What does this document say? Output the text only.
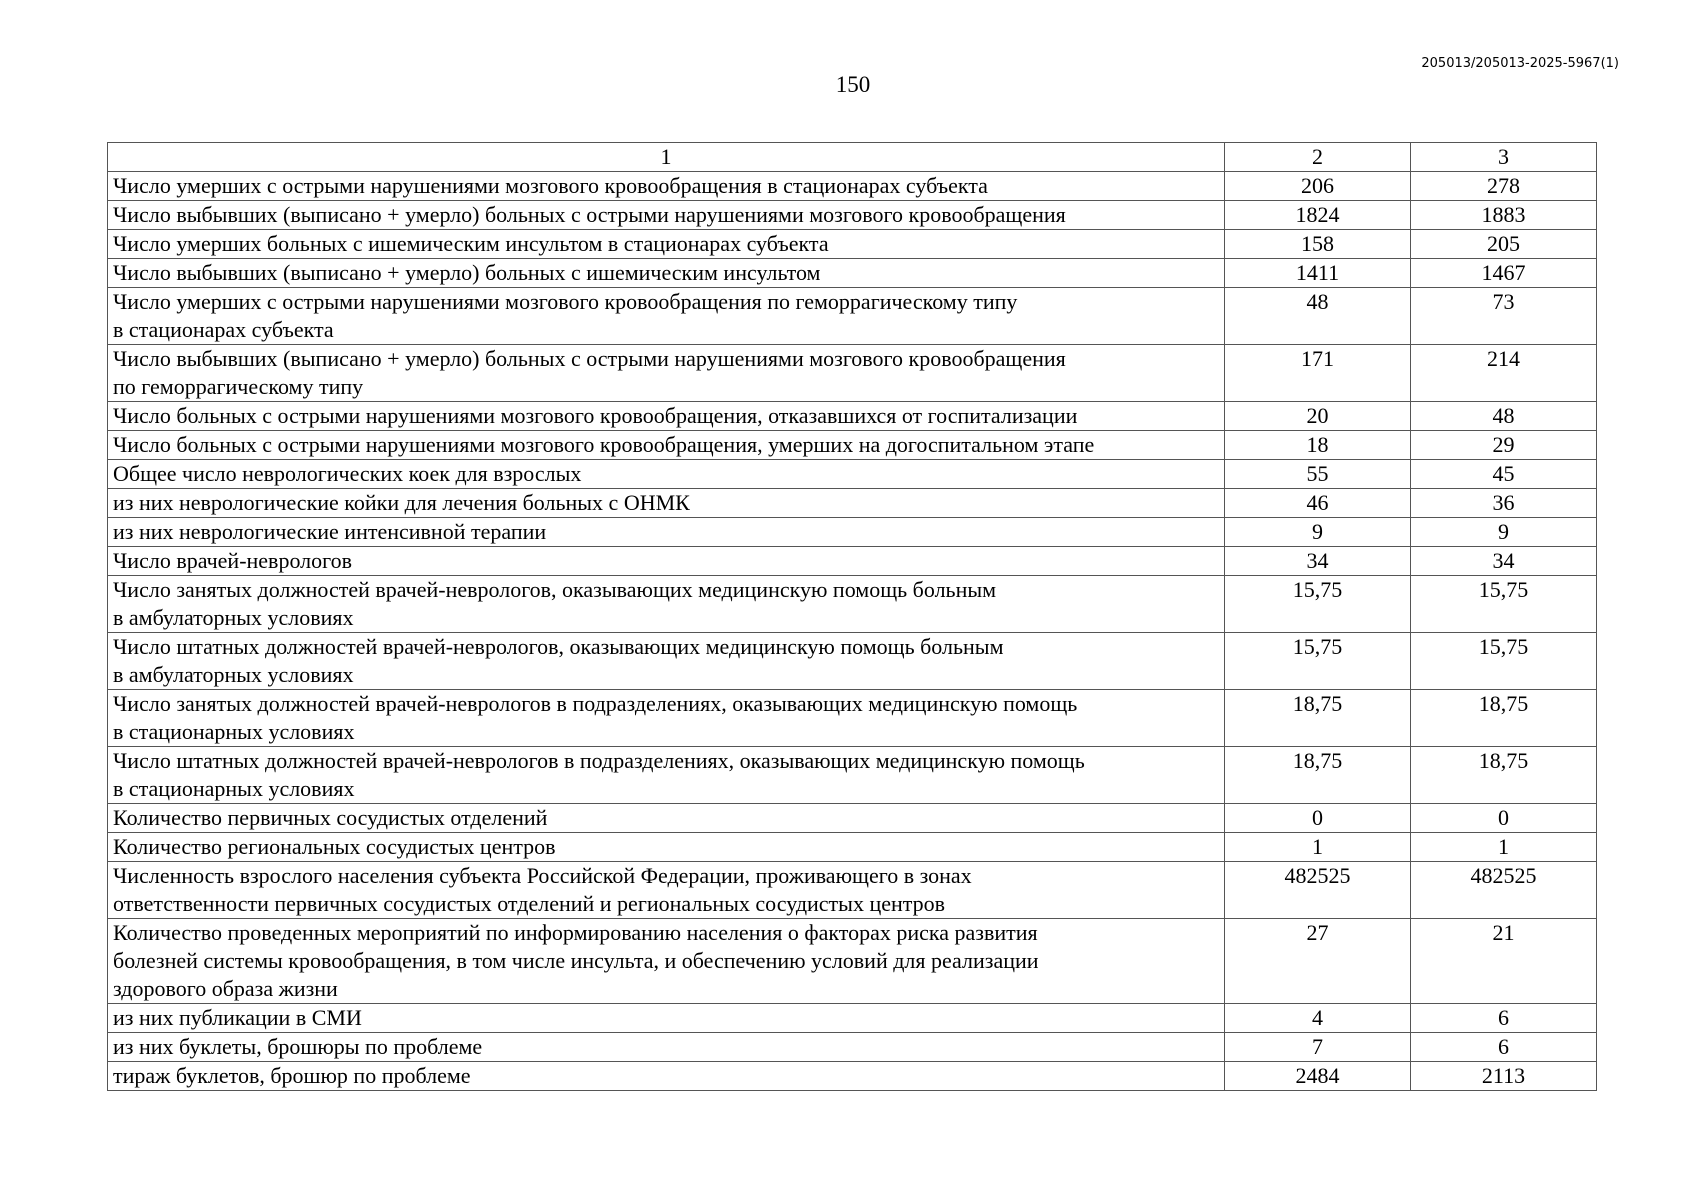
205013/205013-2025-5967(1)
150
1	2	3
Число умерших с острыми нарушениями мозгового кровообращения в стационарах субъекта	206	278
Число выбывших (выписано + умерло) больных с острыми нарушениями мозгового кровообращения	1824	1883
Число умерших больных с ишемическим инсультом в стационарах субъекта	158	205
Число выбывших (выписано + умерло) больных с ишемическим инсультом	1411	1467
Число умерших с острыми нарушениями мозгового кровообращения по геморрагическому типу
в стационарах субъекта	48	73
Число выбывших (выписано + умерло) больных с острыми нарушениями мозгового кровообращения
по геморрагическому типу	171	214
Число больных с острыми нарушениями мозгового кровообращения, отказавшихся от госпитализации	20	48
Число больных с острыми нарушениями мозгового кровообращения, умерших на догоспитальном этапе	18	29
Общее число неврологических коек для взрослых	55	45
из них неврологические койки для лечения больных с ОНМК	46	36
из них неврологические интенсивной терапии	9	9
Число врачей-неврологов	34	34
Число занятых должностей врачей-неврологов, оказывающих медицинскую помощь больным
в амбулаторных условиях	15,75	15,75
Число штатных должностей врачей-неврологов, оказывающих медицинскую помощь больным
в амбулаторных условиях	15,75	15,75
Число занятых должностей врачей-неврологов в подразделениях, оказывающих медицинскую помощь
в стационарных условиях	18,75	18,75
Число штатных должностей врачей-неврологов в подразделениях, оказывающих медицинскую помощь
в стационарных условиях	18,75	18,75
Количество первичных сосудистых отделений	0	0
Количество региональных сосудистых центров	1	1
Численность взрослого населения субъекта Российской Федерации, проживающего в зонах
ответственности первичных сосудистых отделений и региональных сосудистых центров	482525	482525
Количество проведенных мероприятий по информированию населения о факторах риска развития
болезней системы кровообращения, в том числе инсульта, и обеспечению условий для реализации
здорового образа жизни	27	21
из них публикации в СМИ	4	6
из них буклеты, брошюры по проблеме	7	6
тираж буклетов, брошюр по проблеме	2484	2113
